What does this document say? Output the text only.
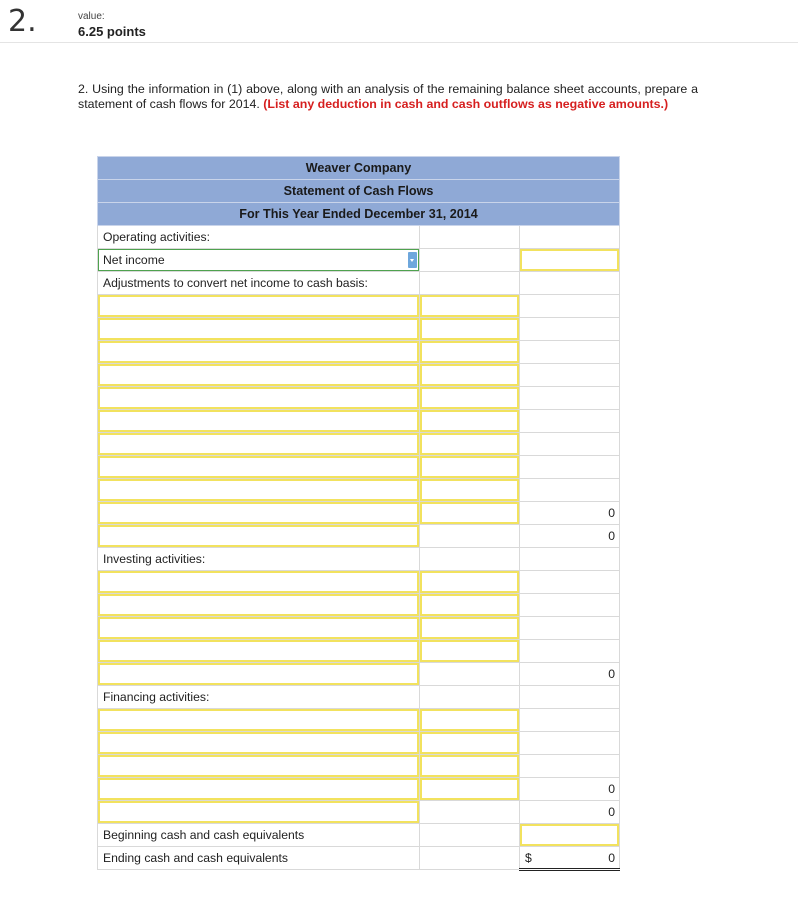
2.	value:
6.25 points
2. Using the information in (1) above, along with an analysis of the remaining balance sheet accounts, prepare a statement of cash flows for 2014. (List any deduction in cash and cash outflows as negative amounts.)
Weaver Company		
Statement of Cash Flows		
For This Year Ended December 31, 2014		
Operating activities:		
Net income

Adjustments to convert net income to cash basis:		

		0
		0
Investing activities:		

		0
Financing activities:		

		0
		0
Beginning cash and cash equivalents		
Ending cash and cash equivalents		$ 0
